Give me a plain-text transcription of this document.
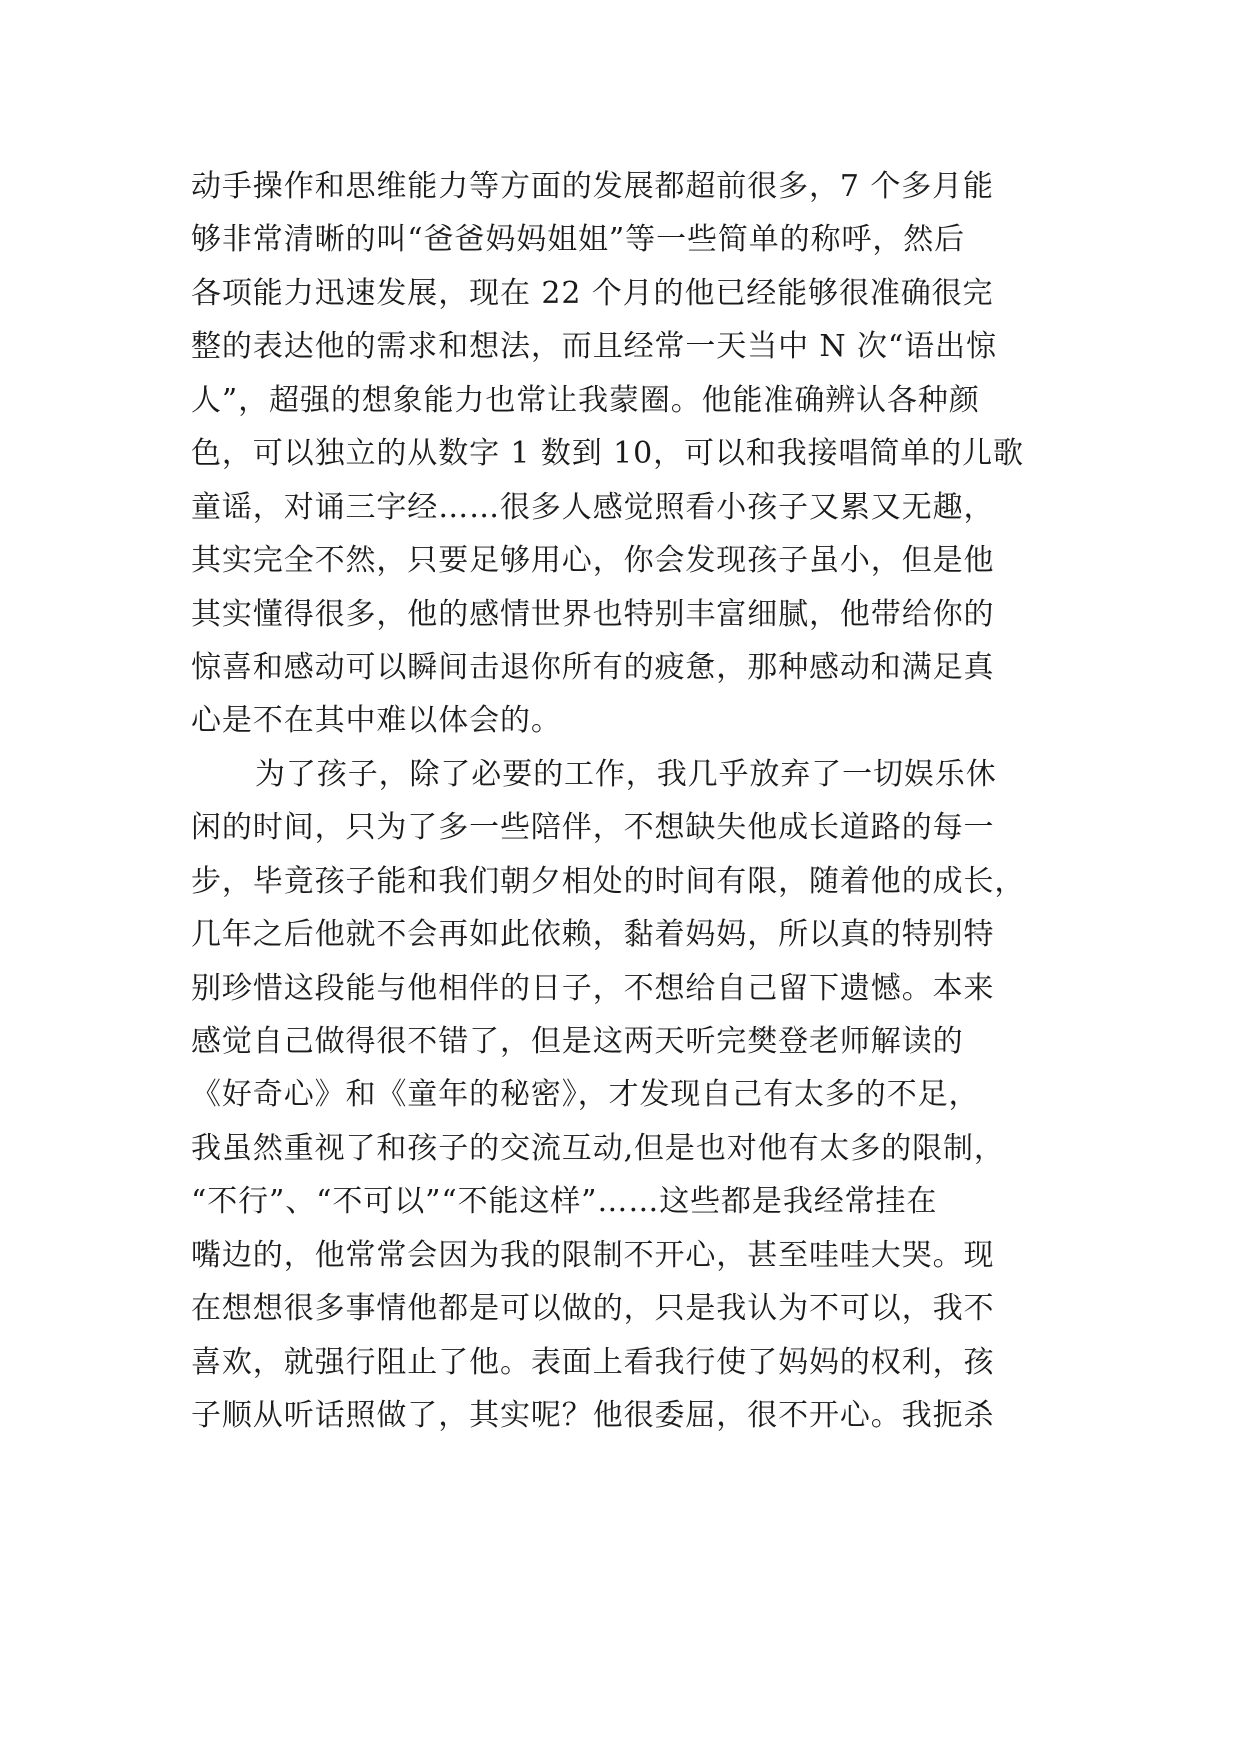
动手操作和思维能力等方面的发展都超前很多，7 个多月能
够非常清晰的叫“爸爸妈妈姐姐”等一些简单的称呼，然后
各项能力迅速发展，现在 22 个月的他已经能够很准确很完
整的表达他的需求和想法，而且经常一天当中 N 次“语出惊
人”，超强的想象能力也常让我蒙圈。他能准确辨认各种颜
色，可以独立的从数字 1 数到 10，可以和我接唱简单的儿歌
童谣，对诵三字经……很多人感觉照看小孩子又累又无趣，
其实完全不然，只要足够用心，你会发现孩子虽小，但是他
其实懂得很多，他的感情世界也特别丰富细腻，他带给你的
惊喜和感动可以瞬间击退你所有的疲惫，那种感动和满足真
心是不在其中难以体会的。
为了孩子，除了必要的工作，我几乎放弃了一切娱乐休
闲的时间，只为了多一些陪伴，不想缺失他成长道路的每一
步，毕竟孩子能和我们朝夕相处的时间有限，随着他的成长，
几年之后他就不会再如此依赖，黏着妈妈，所以真的特别特
别珍惜这段能与他相伴的日子，不想给自己留下遗憾。本来
感觉自己做得很不错了，但是这两天听完樊登老师解读的
《好奇心》和《童年的秘密》，才发现自己有太多的不足，
我虽然重视了和孩子的交流互动,但是也对他有太多的限制，
“不行”、“不可以”“不能这样”……这些都是我经常挂在
嘴边的，他常常会因为我的限制不开心，甚至哇哇大哭。现
在想想很多事情他都是可以做的，只是我认为不可以，我不
喜欢，就强行阻止了他。表面上看我行使了妈妈的权利，孩
子顺从听话照做了，其实呢？他很委屈，很不开心。我扼杀
